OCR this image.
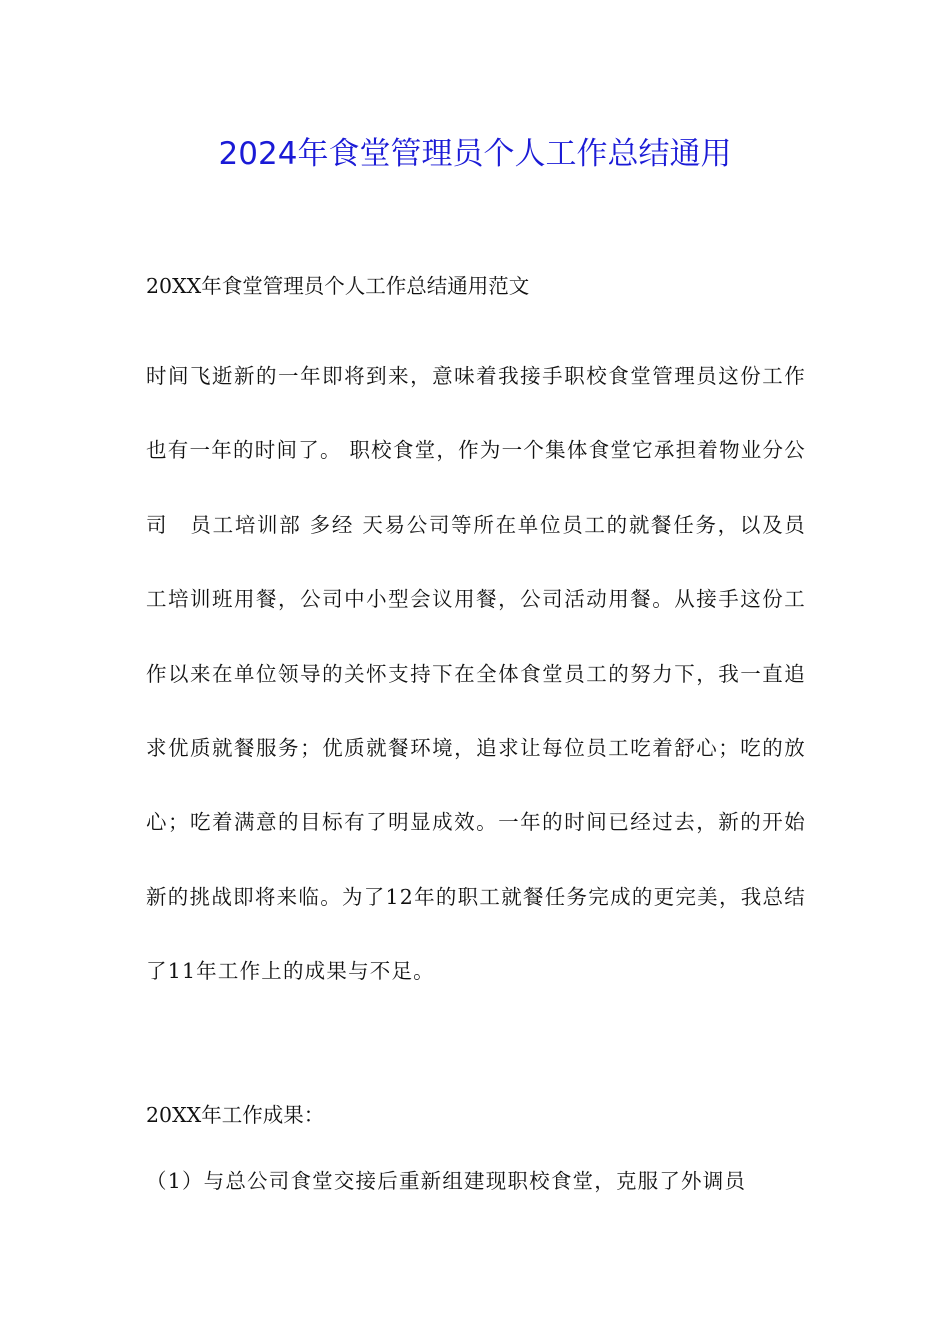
2024年食堂管理员个人工作总结通用

20XX年食堂管理员个人工作总结通用范文

时间飞逝新的一年即将到来，意味着我接手职校食堂管理员这份工作也有一年的时间了。 职校食堂，作为一个集体食堂它承担着物业分公司　员工培训部 多经 天易公司等所在单位员工的就餐任务，以及员工培训班用餐，公司中小型会议用餐，公司活动用餐。从接手这份工作以来在单位领导的关怀支持下在全体食堂员工的努力下，我一直追求优质就餐服务；优质就餐环境，追求让每位员工吃着舒心；吃的放心；吃着满意的目标有了明显成效。一年的时间已经过去，新的开始新的挑战即将来临。为了12年的职工就餐任务完成的更完美，我总结了11年工作上的成果与不足。

20XX年工作成果：

（1）与总公司食堂交接后重新组建现职校食堂，克服了外调员
